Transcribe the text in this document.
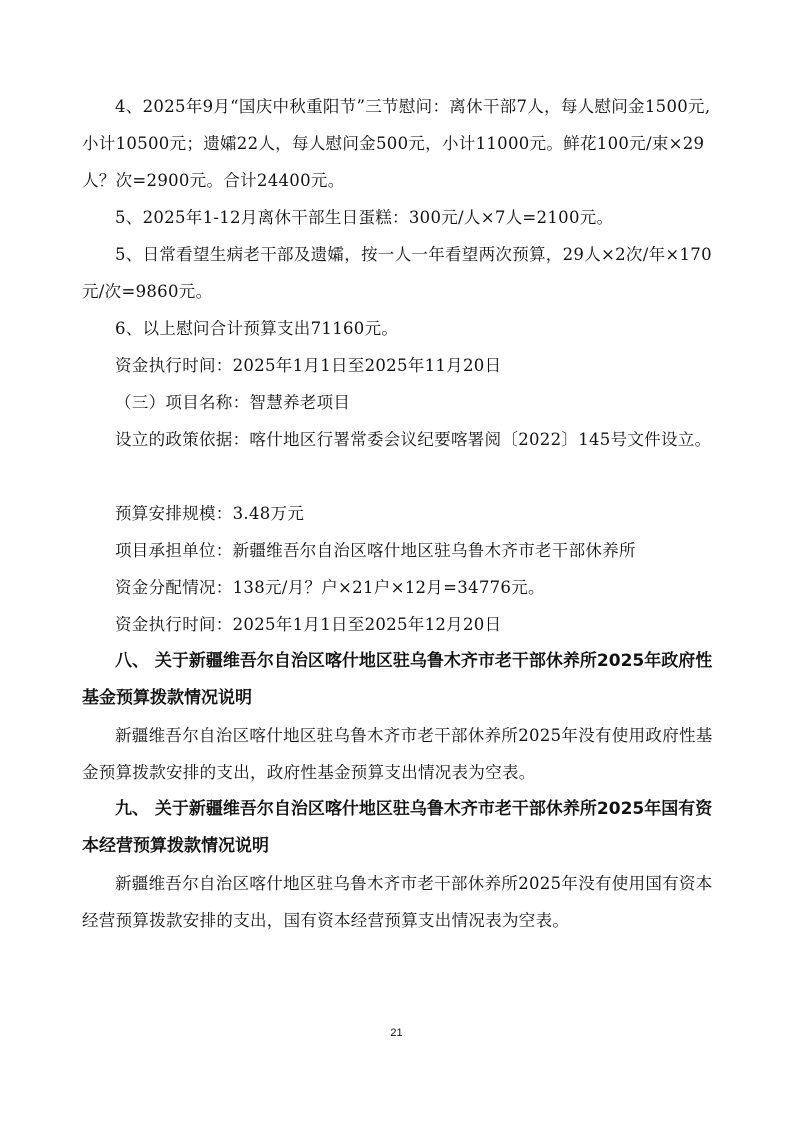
4、2025年9月“国庆中秋重阳节”三节慰问：离休干部7人，每人慰问金1500元,小计10500元；遗孀22人，每人慰问金500元，小计11000元。鲜花100元/束×29人？次=2900元。合计24400元。
5、2025年1-12月离休干部生日蛋糕：300元/人×7人=2100元。
5、日常看望生病老干部及遗孀，按一人一年看望两次预算，29人×2次/年×170元/次=9860元。
6、以上慰问合计预算支出71160元。
资金执行时间：2025年1月1日至2025年11月20日
（三）项目名称：智慧养老项目
设立的政策依据：喀什地区行署常委会议纪要喀署阅〔2022〕145号文件设立。
预算安排规模：3.48万元
项目承担单位：新疆维吾尔自治区喀什地区驻乌鲁木齐市老干部休养所
资金分配情况：138元/月？户×21户×12月=34776元。
资金执行时间：2025年1月1日至2025年12月20日
八、 关于新疆维吾尔自治区喀什地区驻乌鲁木齐市老干部休养所2025年政府性基金预算拨款情况说明
新疆维吾尔自治区喀什地区驻乌鲁木齐市老干部休养所2025年没有使用政府性基金预算拨款安排的支出，政府性基金预算支出情况表为空表。
九、 关于新疆维吾尔自治区喀什地区驻乌鲁木齐市老干部休养所2025年国有资本经营预算拨款情况说明
新疆维吾尔自治区喀什地区驻乌鲁木齐市老干部休养所2025年没有使用国有资本经营预算拨款安排的支出，国有资本经营预算支出情况表为空表。
21
